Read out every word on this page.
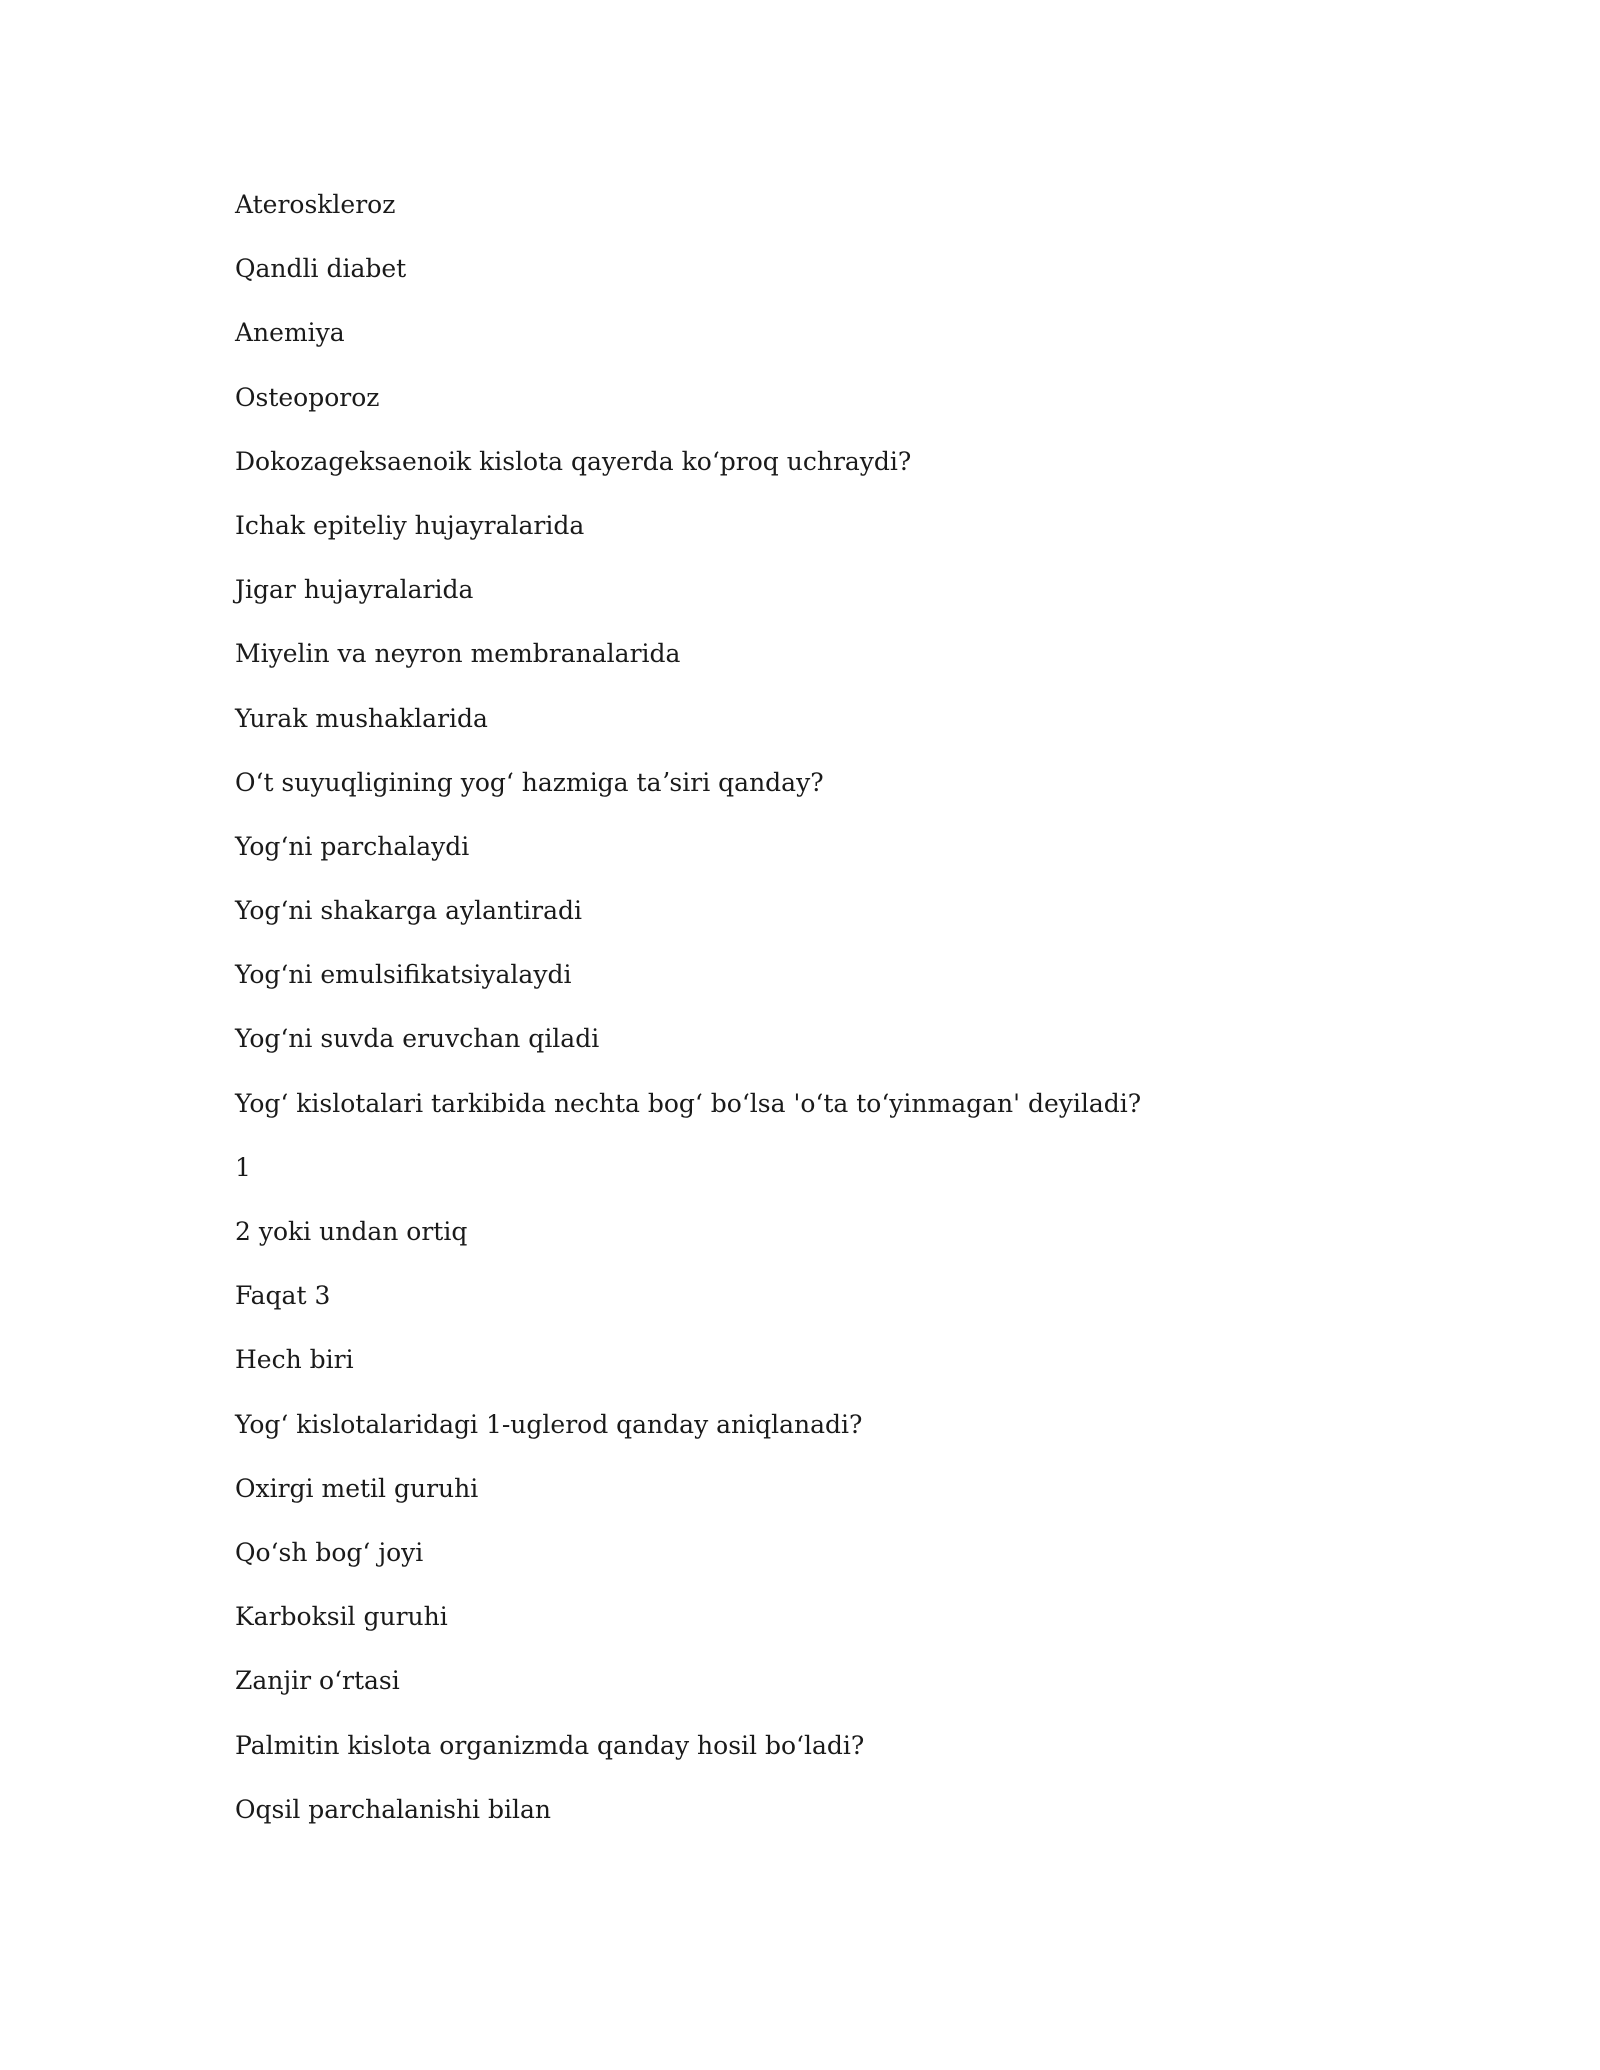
Ateroskleroz
Qandli diabet
Anemiya
Osteoporoz
Dokozageksaenoik kislota qayerda koʻproq uchraydi?
Ichak epiteliy hujayralarida
Jigar hujayralarida
Miyelin va neyron membranalarida
Yurak mushaklarida
Oʻt suyuqligining yogʻ hazmiga taʼsiri qanday?
Yogʻni parchalaydi
Yogʻni shakarga aylantiradi
Yogʻni emulsifikatsiyalaydi
Yogʻni suvda eruvchan qiladi
Yogʻ kislotalari tarkibida nechta bogʻ boʻlsa 'oʻta toʻyinmagan' deyiladi?
1
2 yoki undan ortiq
Faqat 3
Hech biri
Yogʻ kislotalaridagi 1-uglerod qanday aniqlanadi?
Oxirgi metil guruhi
Qoʻsh bogʻ joyi
Karboksil guruhi
Zanjir oʻrtasi
Palmitin kislota organizmda qanday hosil boʻladi?
Oqsil parchalanishi bilan
